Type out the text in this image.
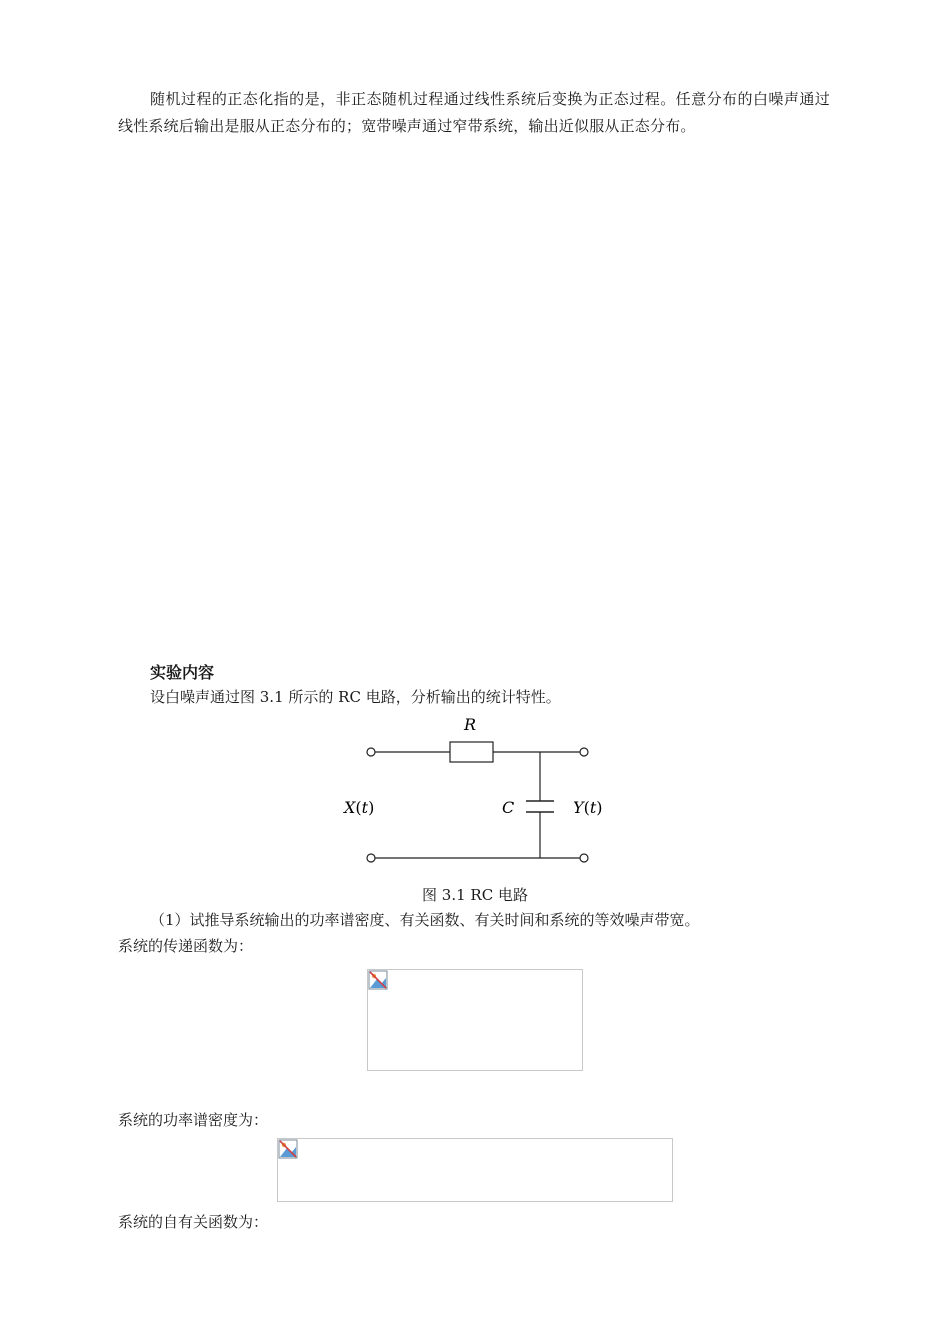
随机过程的正态化指的是，非正态随机过程通过线性系统后变换为正态过程。任意分布的白噪声通过线性系统后输出是服从正态分布的；宽带噪声通过窄带系统，输出近似服从正态分布。

实验内容

设白噪声通过图 3.1 所示的 RC 电路，分析输出的统计特性。

R
C
X(t)	Y(t)

图 3.1 RC 电路

（1）试推导系统输出的功率谱密度、有关函数、有关时间和系统的等效噪声带宽。

系统的传递函数为：

系统的功率谱密度为：

系统的自有关函数为：
